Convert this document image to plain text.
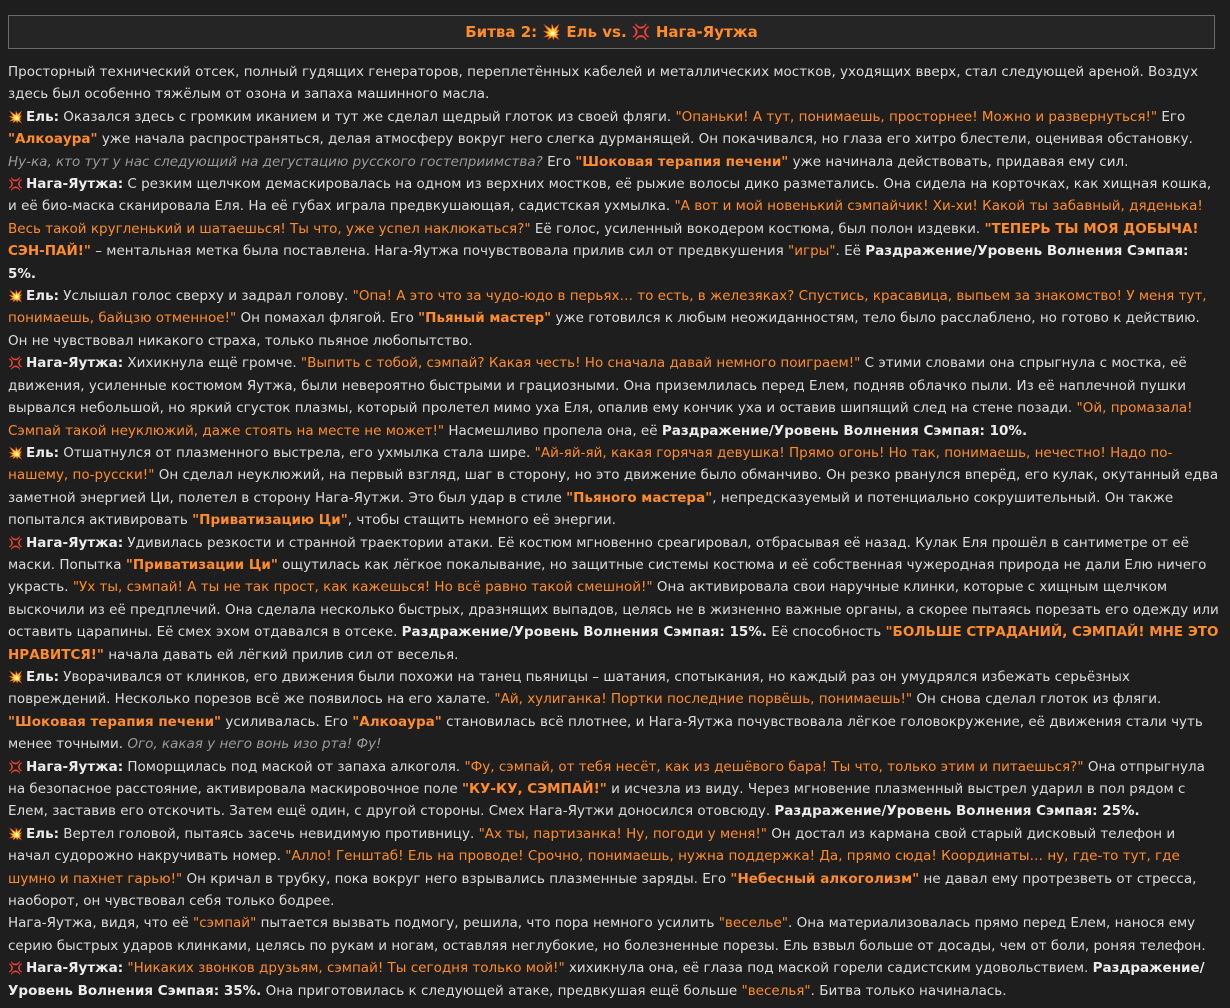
Битва 2: 💥
Ель vs. 💢
Нага-Яутжа

Просторный технический отсек, полный гудящих генераторов, переплетённых кабелей и металлических мостков, уходящих вверх, стал следующей ареной. Воздух здесь был особенно тяжёлым от озона и запаха машинного масла.

💥 Ель: Оказался здесь с громким иканием и тут же сделал щедрый глоток из своей фляги. "Опаньки! А тут, понимаешь, просторнее! Можно и развернуться!" Его "Алкоаура" уже начала распространяться, делая атмосферу вокруг него слегка дурманящей. Он покачивался, но глаза его хитро блестели, оценивая обстановку. Ну-ка, кто тут у нас следующий на дегустацию русского гостеприимства? Его "Шоковая терапия печени" уже начинала действовать, придавая ему сил.

💢 Нага-Яутжа: С резким щелчком демаскировалась на одном из верхних мостков, её рыжие волосы дико разметались. Она сидела на корточках, как хищная кошка, и её био-маска сканировала Еля. На её губах играла предвкушающая, садистская ухмылка. "А вот и мой новенький сэмпайчик! Хи-хи! Какой ты забавный, дяденька! Весь такой кругленький и шатаешься! Ты что, уже успел наклюкаться?" Её голос, усиленный вокодером костюма, был полон издевки. "ТЕПЕРЬ ТЫ МОЯ ДОБЫЧА! СЭН-ПАЙ!" – ментальная метка была поставлена. Нага-Яутжа почувствовала прилив сил от предвкушения "игры". Её Раздражение/Уровень Волнения Сэмпая: 5%.

💥 Ель: Услышал голос сверху и задрал голову. "Опа! А это что за чудо-юдо в перьях… то есть, в железяках? Спустись, красавица, выпьем за знакомство! У меня тут, понимаешь, байцзю отменное!" Он помахал флягой. Его "Пьяный мастер" уже готовился к любым неожиданностям, тело было расслаблено, но готово к действию. Он не чувствовал никакого страха, только пьяное любопытство.

💢 Нага-Яутжа: Хихикнула ещё громче. "Выпить с тобой, сэмпай? Какая честь! Но сначала давай немного поиграем!" С этими словами она спрыгнула с мостка, её движения, усиленные костюмом Яутжа, были невероятно быстрыми и грациозными. Она приземлилась перед Елем, подняв облачко пыли. Из её наплечной пушки вырвался небольшой, но яркий сгусток плазмы, который пролетел мимо уха Еля, опалив ему кончик уха и оставив шипящий след на стене позади. "Ой, промазала! Сэмпай такой неуклюжий, даже стоять на месте не может!" Насмешливо пропела она, её Раздражение/Уровень Волнения Сэмпая: 10%.

💥 Ель: Отшатнулся от плазменного выстрела, его ухмылка стала шире. "Ай-яй-яй, какая горячая девушка! Прямо огонь! Но так, понимаешь, нечестно! Надо по-нашему, по-русски!" Он сделал неуклюжий, на первый взгляд, шаг в сторону, но это движение было обманчиво. Он резко рванулся вперёд, его кулак, окутанный едва заметной энергией Ци, полетел в сторону Нага-Яутжи. Это был удар в стиле "Пьяного мастера", непредсказуемый и потенциально сокрушительный. Он также попытался активировать "Приватизацию Ци", чтобы стащить немного её энергии.

💢 Нага-Яутжа: Удивилась резкости и странной траектории атаки. Её костюм мгновенно среагировал, отбрасывая её назад. Кулак Еля прошёл в сантиметре от её маски. Попытка "Приватизации Ци" ощутилась как лёгкое покалывание, но защитные системы костюма и её собственная чужеродная природа не дали Елю ничего украсть. "Ух ты, сэмпай! А ты не так прост, как кажешься! Но всё равно такой смешной!" Она активировала свои наручные клинки, которые с хищным щелчком выскочили из её предплечий. Она сделала несколько быстрых, дразнящих выпадов, целясь не в жизненно важные органы, а скорее пытаясь порезать его одежду или оставить царапины. Её смех эхом отдавался в отсеке. Раздражение/Уровень Волнения Сэмпая: 15%. Её способность "БОЛЬШЕ СТРАДАНИЙ, СЭМПАЙ! МНЕ ЭТО НРАВИТСЯ!" начала давать ей лёгкий прилив сил от веселья.

💥 Ель: Уворачивался от клинков, его движения были похожи на танец пьяницы – шатания, спотыкания, но каждый раз он умудрялся избежать серьёзных повреждений. Несколько порезов всё же появилось на его халате. "Ай, хулиганка! Портки последние порвёшь, понимаешь!" Он снова сделал глоток из фляги. "Шоковая терапия печени" усиливалась. Его "Алкоаура" становилась всё плотнее, и Нага-Яутжа почувствовала лёгкое головокружение, её движения стали чуть менее точными. Ого, какая у него вонь изо рта! Фу!

💢 Нага-Яутжа: Поморщилась под маской от запаха алкоголя. "Фу, сэмпай, от тебя несёт, как из дешёвого бара! Ты что, только этим и питаешься?" Она отпрыгнула на безопасное расстояние, активировала маскировочное поле "КУ-КУ, СЭМПАЙ!" и исчезла из виду. Через мгновение плазменный выстрел ударил в пол рядом с Елем, заставив его отскочить. Затем ещё один, с другой стороны. Смех Нага-Яутжи доносился отовсюду. Раздражение/Уровень Волнения Сэмпая: 25%.

💥 Ель: Вертел головой, пытаясь засечь невидимую противницу. "Ах ты, партизанка! Ну, погоди у меня!" Он достал из кармана свой старый дисковый телефон и начал судорожно накручивать номер. "Алло! Генштаб! Ель на проводе! Срочно, понимаешь, нужна поддержка! Да, прямо сюда! Координаты… ну, где-то тут, где шумно и пахнет гарью!" Он кричал в трубку, пока вокруг него взрывались плазменные заряды. Его "Небесный алкоголизм" не давал ему протрезветь от стресса, наоборот, он чувствовал себя только бодрее.

Нага-Яутжа, видя, что её "сэмпай" пытается вызвать подмогу, решила, что пора немного усилить "веселье". Она материализовалась прямо перед Елем, нанося ему серию быстрых ударов клинками, целясь по рукам и ногам, оставляя неглубокие, но болезненные порезы. Ель взвыл больше от досады, чем от боли, роняя телефон.

💢 Нага-Яутжа: "Никаких звонков друзьям, сэмпай! Ты сегодня только мой!" хихикнула она, её глаза под маской горели садистским удовольствием. Раздражение/Уровень Волнения Сэмпая: 35%. Она приготовилась к следующей атаке, предвкушая ещё больше "веселья". Битва только начиналась.
